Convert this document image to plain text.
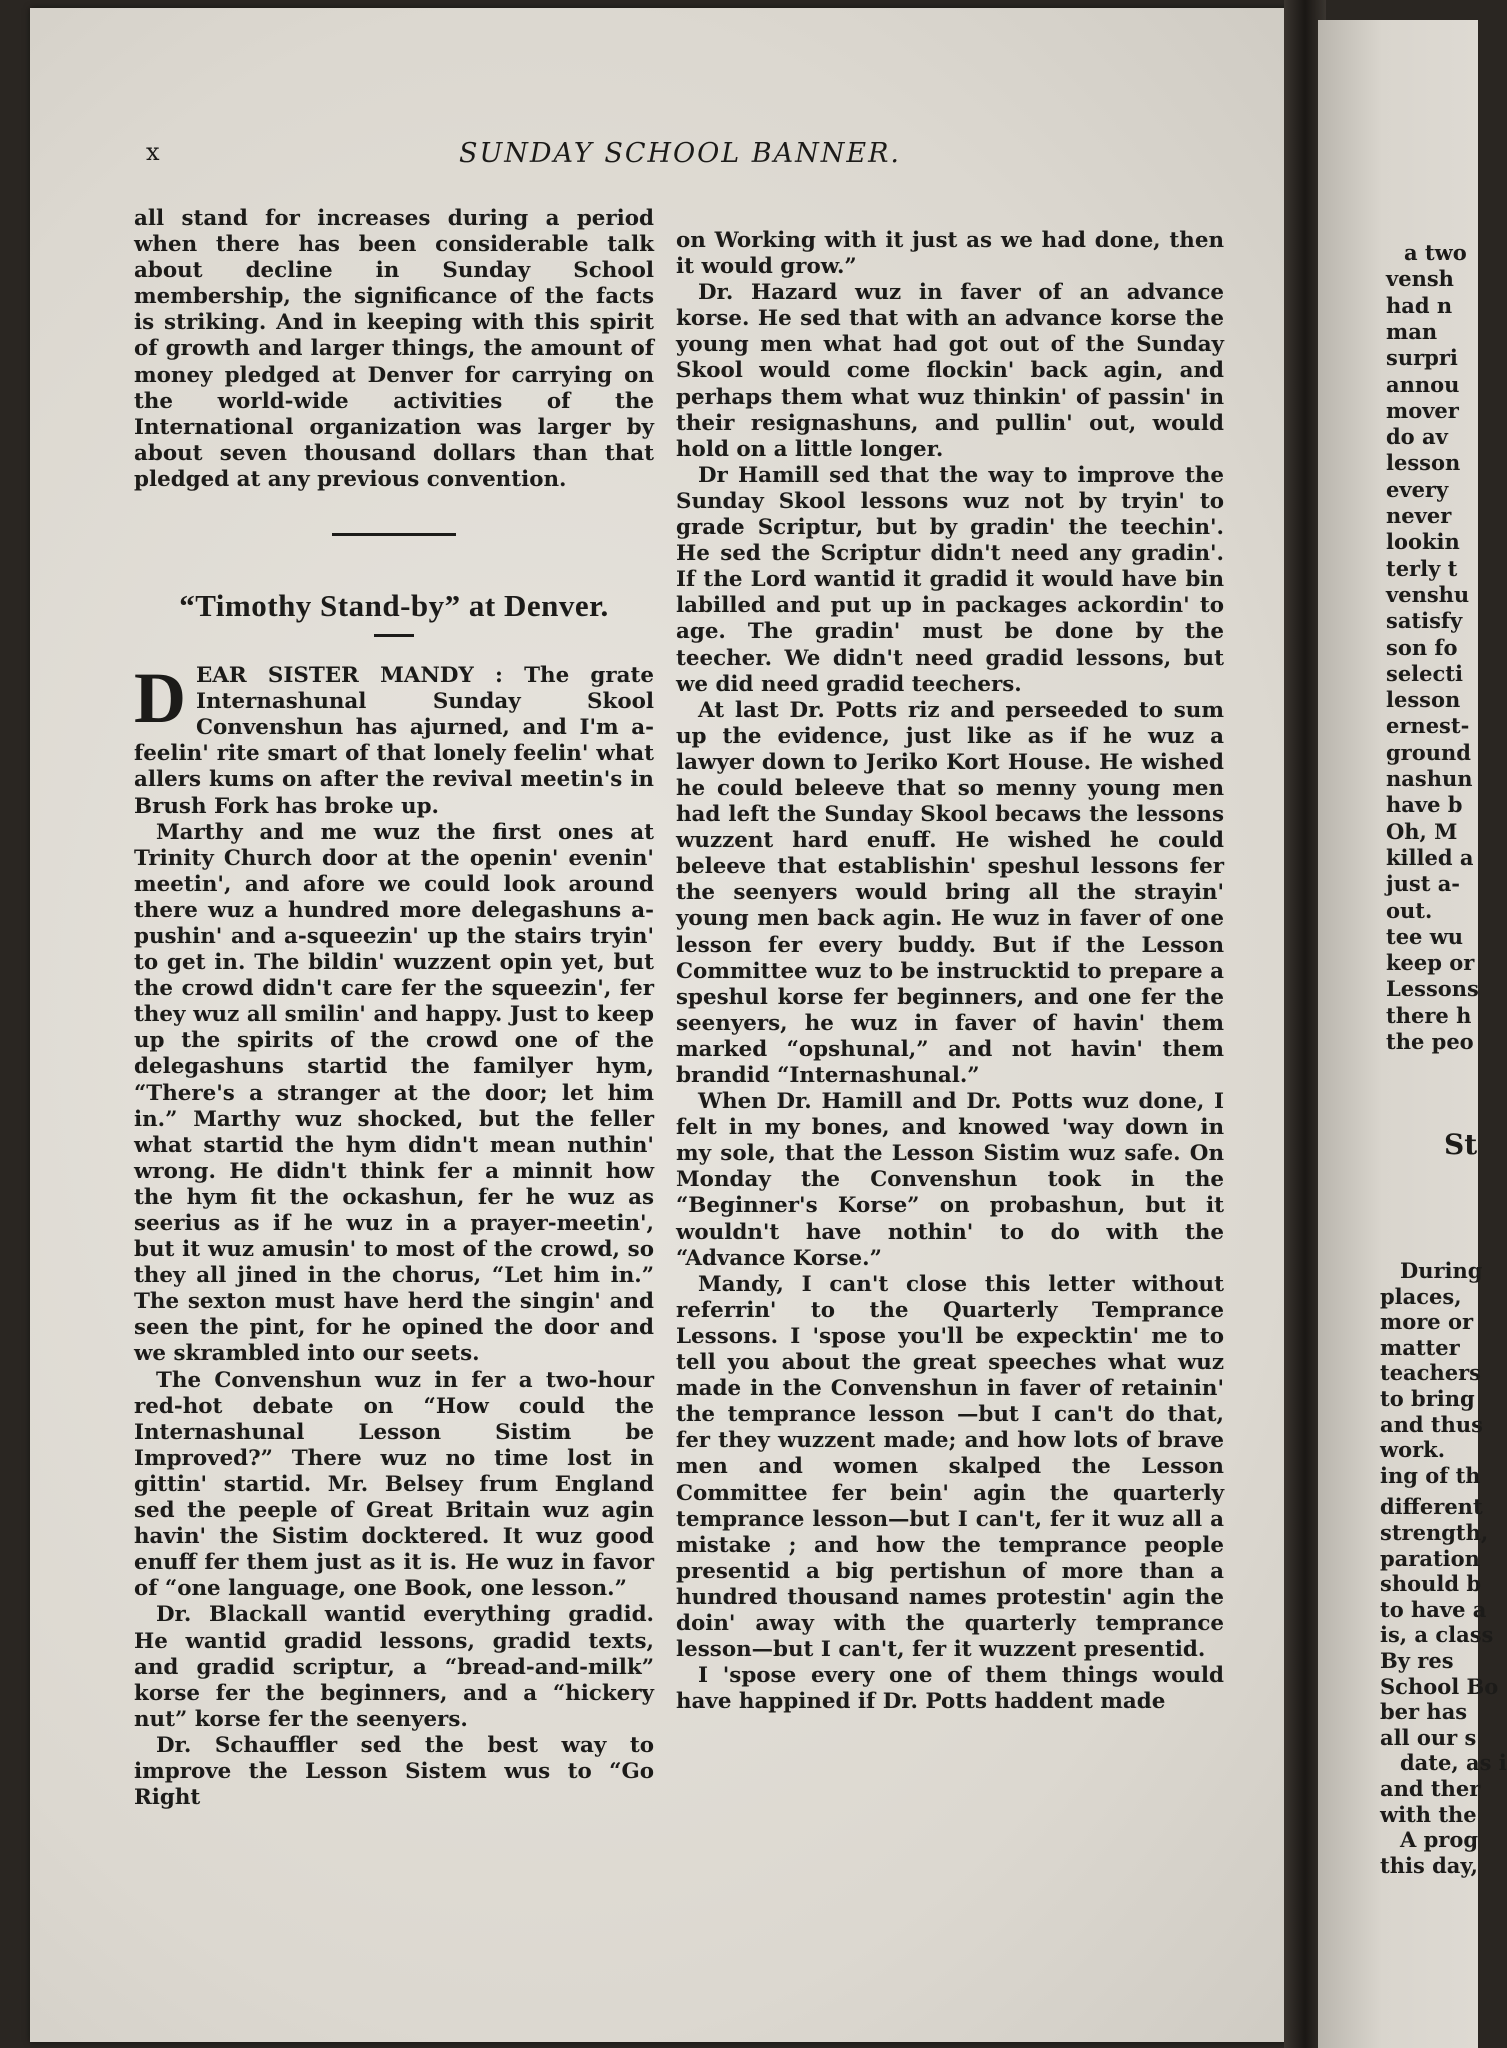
x	SUNDAY SCHOOL BANNER.

all stand for increases during a period when there has been considerable talk about decline in Sunday School membership, the significance of the facts is striking. And in keeping with this spirit of growth and larger things, the amount of money pledged at Denver for carrying on the world-wide activities of the International organization was larger by about seven thousand dollars than that pledged at any previous convention.

“Timothy Stand-by” at Denver.

DEAR SISTER MANDY : The grate Internashunal Sunday Skool Convenshun has ajurned, and I'm a-feelin' rite smart of that lonely feelin' what allers kums on after the revival meetin's in Brush Fork has broke up.

Marthy and me wuz the first ones at Trinity Church door at the openin' evenin' meetin', and afore we could look around there wuz a hundred more delegashuns a-pushin' and a-squeezin' up the stairs tryin' to get in. The bildin' wuzzent opin yet, but the crowd didn't care fer the squeezin', fer they wuz all smilin' and happy. Just to keep up the spirits of the crowd one of the delegashuns startid the familyer hym, “There's a stranger at the door; let him in.” Marthy wuz shocked, but the feller what startid the hym didn't mean nuthin' wrong. He didn't think fer a minnit how the hym fit the ockashun, fer he wuz as seerius as if he wuz in a prayer-meetin', but it wuz amusin' to most of the crowd, so they all jined in the chorus, “Let him in.” The sexton must have herd the singin' and seen the pint, for he opined the door and we skrambled into our seets.

The Convenshun wuz in fer a two-hour red-hot debate on “How could the Internashunal Lesson Sistim be Improved?” There wuz no time lost in gittin' startid. Mr. Belsey frum England sed the peeple of Great Britain wuz agin havin' the Sistim docktered. It wuz good enuff fer them just as it is. He wuz in favor of “one language, one Book, one lesson.”

Dr. Blackall wantid everything gradid. He wantid gradid lessons, gradid texts, and gradid scriptur, a “bread-and-milk” korse fer the beginners, and a “hickery nut” korse fer the seenyers.

Dr. Schauffler sed the best way to improve the Lesson Sistem wus to “Go Right

on Working with it just as we had done, then it would grow.”

Dr. Hazard wuz in faver of an advance korse. He sed that with an advance korse the young men what had got out of the Sunday Skool would come flockin' back agin, and perhaps them what wuz thinkin' of passin' in their resignashuns, and pullin' out, would hold on a little longer.

Dr Hamill sed that the way to improve the Sunday Skool lessons wuz not by tryin' to grade Scriptur, but by gradin' the teechin'. He sed the Scriptur didn't need any gradin'. If the Lord wantid it gradid it would have bin labilled and put up in packages ackordin' to age. The gradin' must be done by the teecher. We didn't need gradid lessons, but we did need gradid teechers.

At last Dr. Potts riz and perseeded to sum up the evidence, just like as if he wuz a lawyer down to Jeriko Kort House. He wished he could beleeve that so menny young men had left the Sunday Skool becaws the lessons wuzzent hard enuff. He wished he could beleeve that establishin' speshul lessons fer the seenyers would bring all the strayin' young men back agin. He wuz in faver of one lesson fer every buddy. But if the Lesson Committee wuz to be instrucktid to prepare a speshul korse fer beginners, and one fer the seenyers, he wuz in faver of havin' them marked “opshunal,” and not havin' them brandid “Internashunal.”

When Dr. Hamill and Dr. Potts wuz done, I felt in my bones, and knowed 'way down in my sole, that the Lesson Sistim wuz safe. On Monday the Convenshun took in the “Beginner's Korse” on probashun, but it wouldn't have nothin' to do with the “Advance Korse.”

Mandy, I can't close this letter without referrin' to the Quarterly Temprance Lessons. I 'spose you'll be expecktin' me to tell you about the great speeches what wuz made in the Convenshun in faver of retainin' the temprance lesson —but I can't do that, fer they wuzzent made; and how lots of brave men and women skalped the Lesson Committee fer bein' agin the quarterly temprance lesson—but I can't, fer it wuz all a mistake ; and how the temprance people presentid a big pertishun of more than a hundred thousand names protestin' agin the doin' away with the quarterly temprance lesson—but I can't, fer it wuzzent presentid.

I 'spose every one of them things would have happined if Dr. Potts haddent made

a two
vensh
had n
man
surpri
annou
mover
do av
lesson
every
never
lookin
terly t
venshu
satisfy
son fo
selecti
lesson
ernest-
ground
nashun
have b
Oh, M
killed a
just a-
out.
tee wu
keep or
Lessons
there h
the peo
St
During
places,
more or
matter
teachers
to bring
and thus
work.
ing of th
different
strength,
paration
should b
to have a
is, a class
By res
School Bo
ber has
all our s
date, as i
and ther
with the
A prog
this day,
